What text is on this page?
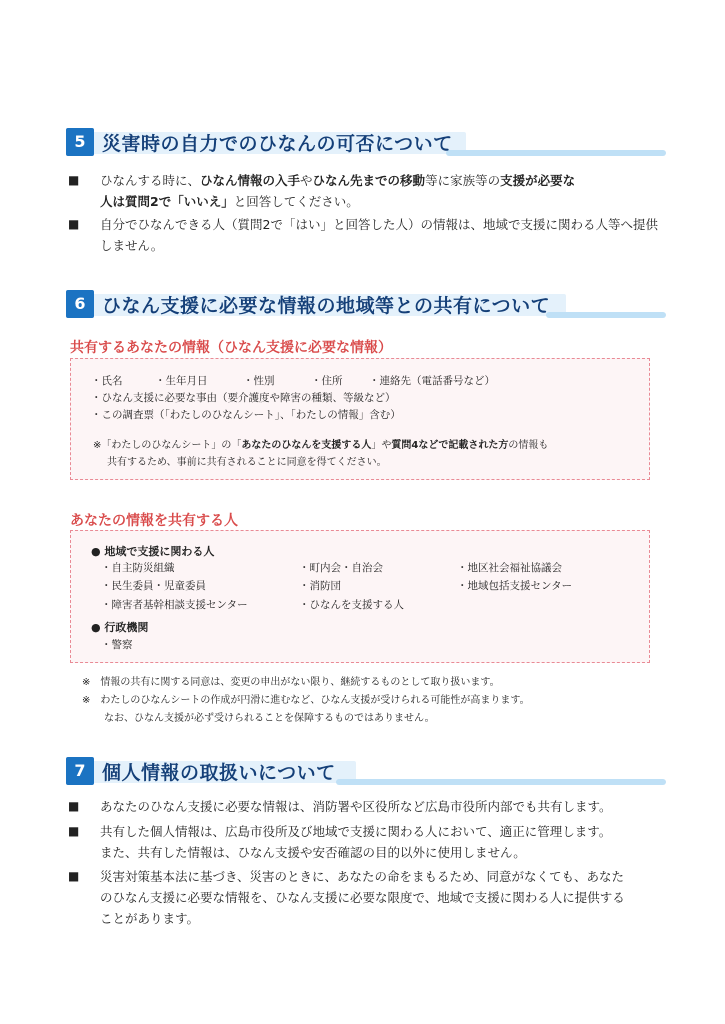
5 災害時の自力でのひなんの可否について
■	ひなんする時に、ひなん情報の入手やひなん先までの移動等に家族等の支援が必要な
人は質問2で「いいえ」と回答してください。
■	自分でひなんできる人（質問2で「はい」と回答した人）の情報は、地域で支援に関わる人等へ提供しません。
6 ひなん支援に必要な情報の地域等との共有について
共有するあなたの情報（ひなん支援に必要な情報）
・氏名	・生年月日	・性別	・住所	・連絡先（電話番号など）
・ひなん支援に必要な事由（要介護度や障害の種類、等級など）
・この調査票（「わたしのひなんシート」、「わたしの情報」含む）
※「わたしのひなんシート」の「あなたのひなんを支援する人」や質問4などで記載された方の情報も
共有するため、事前に共有されることに同意を得てください。
あなたの情報を共有する人
● 地域で支援に関わる人
・自主防災組織	・町内会・自治会	・地区社会福祉協議会
・民生委員・児童委員	・消防団	・地域包括支援センター
・障害者基幹相談支援センター	・ひなんを支援する人
● 行政機関
・警察
※　情報の共有に関する同意は、変更の申出がない限り、継続するものとして取り扱います。
※　わたしのひなんシートの作成が円滑に進むなど、ひなん支援が受けられる可能性が高まります。
なお、ひなん支援が必ず受けられることを保障するものではありません。
7 個人情報の取扱いについて
■	あなたのひなん支援に必要な情報は、消防署や区役所など広島市役所内部でも共有します。
■	共有した個人情報は、広島市役所及び地域で支援に関わる人において、適正に管理します。
また、共有した情報は、ひなん支援や安否確認の目的以外に使用しません。
■	災害対策基本法に基づき、災害のときに、あなたの命をまもるため、同意がなくても、あなた
のひなん支援に必要な情報を、ひなん支援に必要な限度で、地域で支援に関わる人に提供する
ことがあります。
